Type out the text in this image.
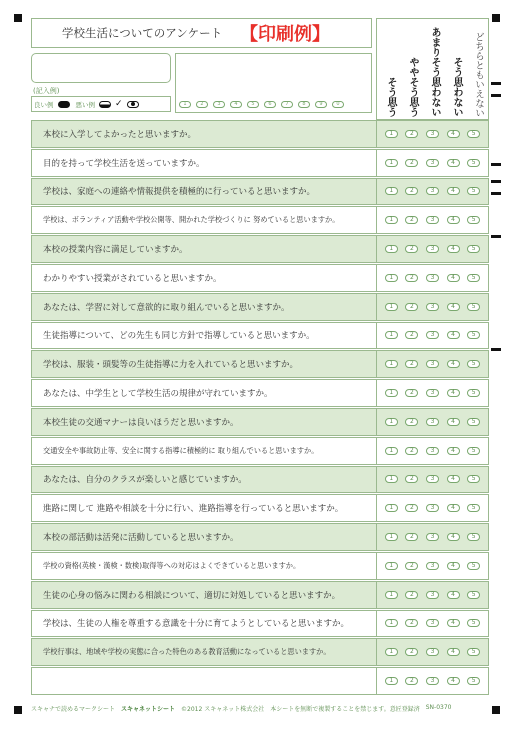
学校生活についてのアンケート 【印刷例】
1	2	3	4	5	6	7	8	9	0
(記入例)
良い例	悪い例 ✓	そう思う	ややそう思う	あまりそう思わない	そう思わない	どちらともいえない
本校に入学してよかったと思いますか。	1	2	3	4	5
目的を持って学校生活を送っていますか。	1	2	3	4	5
学校は、家庭への連絡や情報提供を積極的に行っていると思いますか。	1	2	3	4	5
学校は、ボランティア活動や学校公開等、開かれた学校づくりに 努めていると思いますか。	1	2	3	4	5
本校の授業内容に満足していますか。	1	2	3	4	5
わかりやすい授業がされていると思いますか。	1	2	3	4	5
あなたは、学習に対して意欲的に取り組んでいると思いますか。	1	2	3	4	5
生徒指導について、どの先生も同じ方針で指導していると思いますか。	1	2	3	4	5
学校は、服装・頭髪等の生徒指導に力を入れていると思いますか。	1	2	3	4	5
あなたは、中学生として学校生活の規律が守れていますか。	1	2	3	4	5
本校生徒の交通マナーは良いほうだと思いますか。	1	2	3	4	5
交通安全や事故防止等、安全に関する指導に積極的に 取り組んでいると思いますか。	1	2	3	4	5
あなたは、自分のクラスが楽しいと感じていますか。	1	2	3	4	5
進路に関して 進路や相談を十分に行い、進路指導を行っていると思いますか。	1	2	3	4	5
本校の部活動は活発に活動していると思いますか。	1	2	3	4	5
学校の資格(英検・漢検・数検)取得等への対応はよくできていると思いますか。	1	2	3	4	5
生徒の心身の悩みに関わる相談について、適切に対処していると思いますか。	1	2	3	4	5
学校は、生徒の人権を尊重する意識を十分に育てようとしていると思いますか。	1	2	3	4	5
学校行事は、地域や学校の実態に合った特色のある教育活動になっていると思いますか。	1	2	3	4	5
1	2	3	4	5
スキャナで読めるマークシート スキャネットシート ©2012 スキャネット株式会社 本シートを無断で複製することを禁じます。意匠登録済 SN-0370
